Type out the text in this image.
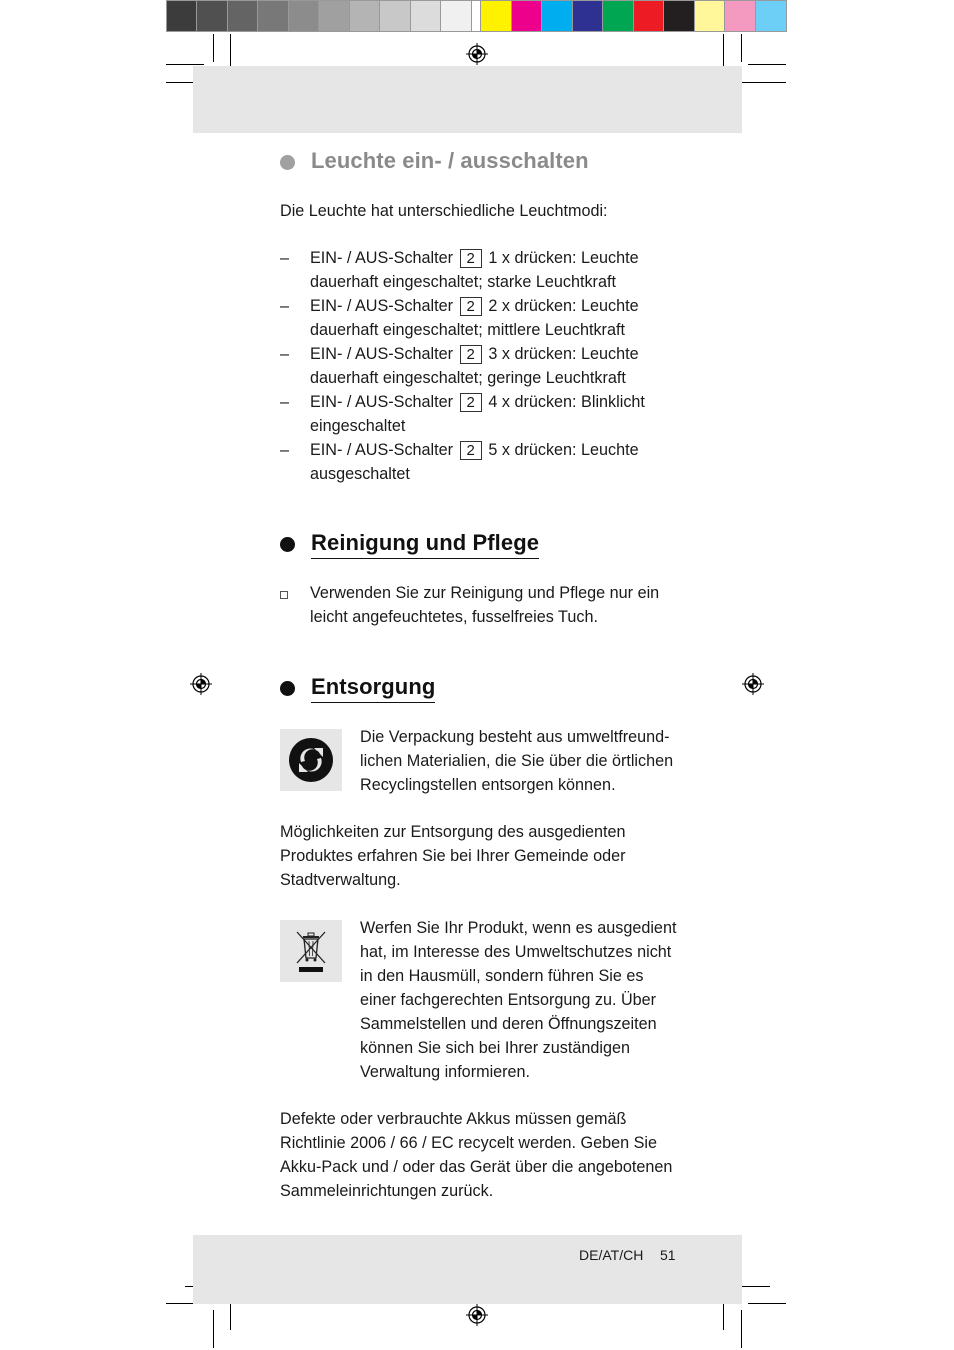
Leuchte ein- / ausschalten
Die Leuchte hat unterschiedliche Leuchtmodi:
– EIN- / AUS-Schalter 2 1 x drücken: Leuchte
dauerhaft eingeschaltet; starke Leuchtkraft
– EIN- / AUS-Schalter 2 2 x drücken: Leuchte
dauerhaft eingeschaltet; mittlere Leuchtkraft
– EIN- / AUS-Schalter 2 3 x drücken: Leuchte
dauerhaft eingeschaltet; geringe Leuchtkraft
– EIN- / AUS-Schalter 2 4 x drücken: Blinklicht
eingeschaltet
– EIN- / AUS-Schalter 2 5 x drücken: Leuchte
ausgeschaltet
Reinigung und Pflege
Verwenden Sie zur Reinigung und Pflege nur ein
leicht angefeuchtetes, fusselfreies Tuch.
Entsorgung
Die Verpackung besteht aus umweltfreund-
lichen Materialien, die Sie über die örtlichen
Recyclingstellen entsorgen können.
Möglichkeiten zur Entsorgung des ausgedienten
Produktes erfahren Sie bei Ihrer Gemeinde oder
Stadtverwaltung.
Werfen Sie Ihr Produkt, wenn es ausgedient
hat, im Interesse des Umweltschutzes nicht
in den Hausmüll, sondern führen Sie es
einer fachgerechten Entsorgung zu. Über
Sammelstellen und deren Öffnungszeiten
können Sie sich bei Ihrer zuständigen
Verwaltung informieren.
Defekte oder verbrauchte Akkus müssen gemäß
Richtlinie 2006 / 66 / EC recycelt werden. Geben Sie
Akku-Pack und / oder das Gerät über die angebotenen
Sammeleinrichtungen zurück.
DE/AT/CH 51
